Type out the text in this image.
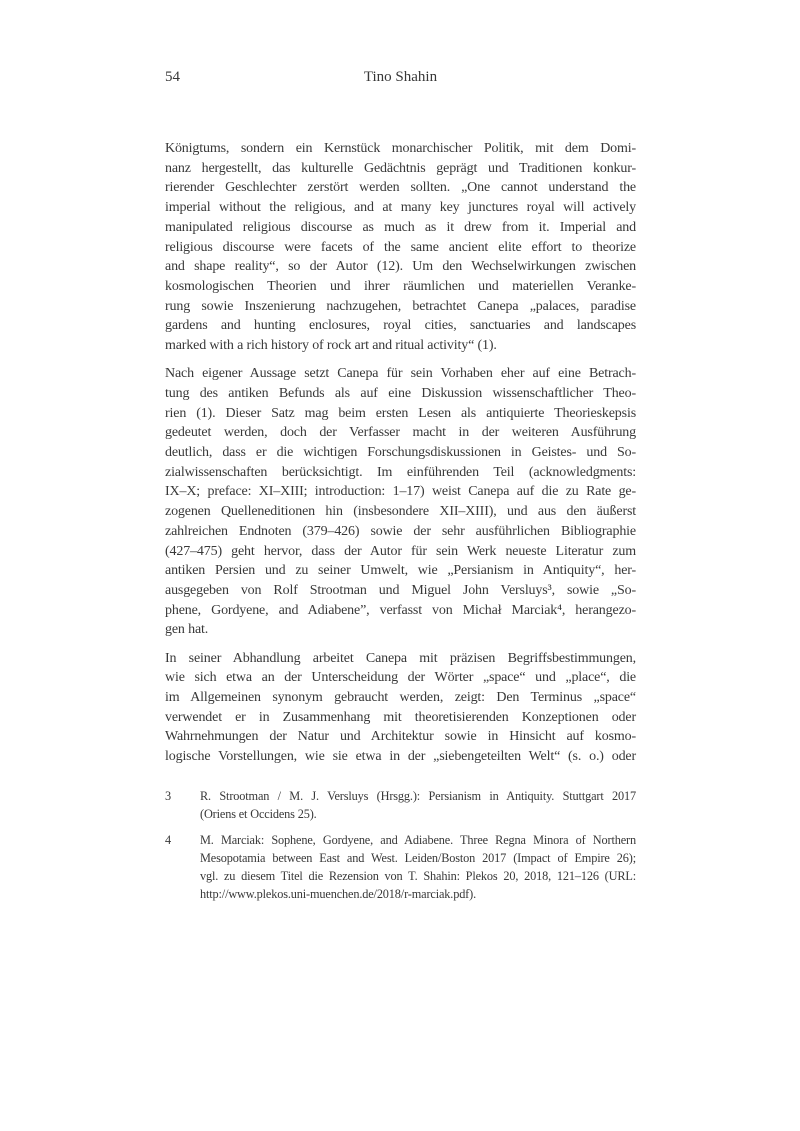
54	Tino Shahin
Königtums, sondern ein Kernstück monarchischer Politik, mit dem Domi-
nanz hergestellt, das kulturelle Gedächtnis geprägt und Traditionen konkur-
rierender Geschlechter zerstört werden sollten. „One cannot understand the
imperial without the religious, and at many key junctures royal will actively
manipulated religious discourse as much as it drew from it. Imperial and
religious discourse were facets of the same ancient elite effort to theorize
and shape reality“, so der Autor (12). Um den Wechselwirkungen zwischen
kosmologischen Theorien und ihrer räumlichen und materiellen Veranke-
rung sowie Inszenierung nachzugehen, betrachtet Canepa „palaces, paradise
gardens and hunting enclosures, royal cities, sanctuaries and landscapes
marked with a rich history of rock art and ritual activity“ (1).
Nach eigener Aussage setzt Canepa für sein Vorhaben eher auf eine Betrach-
tung des antiken Befunds als auf eine Diskussion wissenschaftlicher Theo-
rien (1). Dieser Satz mag beim ersten Lesen als antiquierte Theorieskepsis
gedeutet werden, doch der Verfasser macht in der weiteren Ausführung
deutlich, dass er die wichtigen Forschungsdiskussionen in Geistes- und So-
zialwissenschaften berücksichtigt. Im einführenden Teil (acknowledgments:
IX–X; preface: XI–XIII; introduction: 1–17) weist Canepa auf die zu Rate ge-
zogenen Quelleneditionen hin (insbesondere XII–XIII), und aus den äußerst
zahlreichen Endnoten (379–426) sowie der sehr ausführlichen Bibliographie
(427–475) geht hervor, dass der Autor für sein Werk neueste Literatur zum
antiken Persien und zu seiner Umwelt, wie „Persianism in Antiquity“, her-
ausgegeben von Rolf Strootman und Miguel John Versluys³, sowie „So-
phene, Gordyene, and Adiabene”, verfasst von Michał Marciak⁴, herangezo-
gen hat.
In seiner Abhandlung arbeitet Canepa mit präzisen Begriffsbestimmungen,
wie sich etwa an der Unterscheidung der Wörter „space“ und „place“, die
im Allgemeinen synonym gebraucht werden, zeigt: Den Terminus „space“
verwendet er in Zusammenhang mit theoretisierenden Konzeptionen oder
Wahrnehmungen der Natur und Architektur sowie in Hinsicht auf kosmo-
logische Vorstellungen, wie sie etwa in der „siebengeteilten Welt“ (s. o.) oder
3 R. Strootman / M. J. Versluys (Hrsgg.): Persianism in Antiquity. Stuttgart 2017
(Oriens et Occidens 25).
4 M. Marciak: Sophene, Gordyene, and Adiabene. Three Regna Minora of Northern
Mesopotamia between East and West. Leiden/Boston 2017 (Impact of Empire 26);
vgl. zu diesem Titel die Rezension von T. Shahin: Plekos 20, 2018, 121–126 (URL:
http://www.plekos.uni-muenchen.de/2018/r-marciak.pdf).
